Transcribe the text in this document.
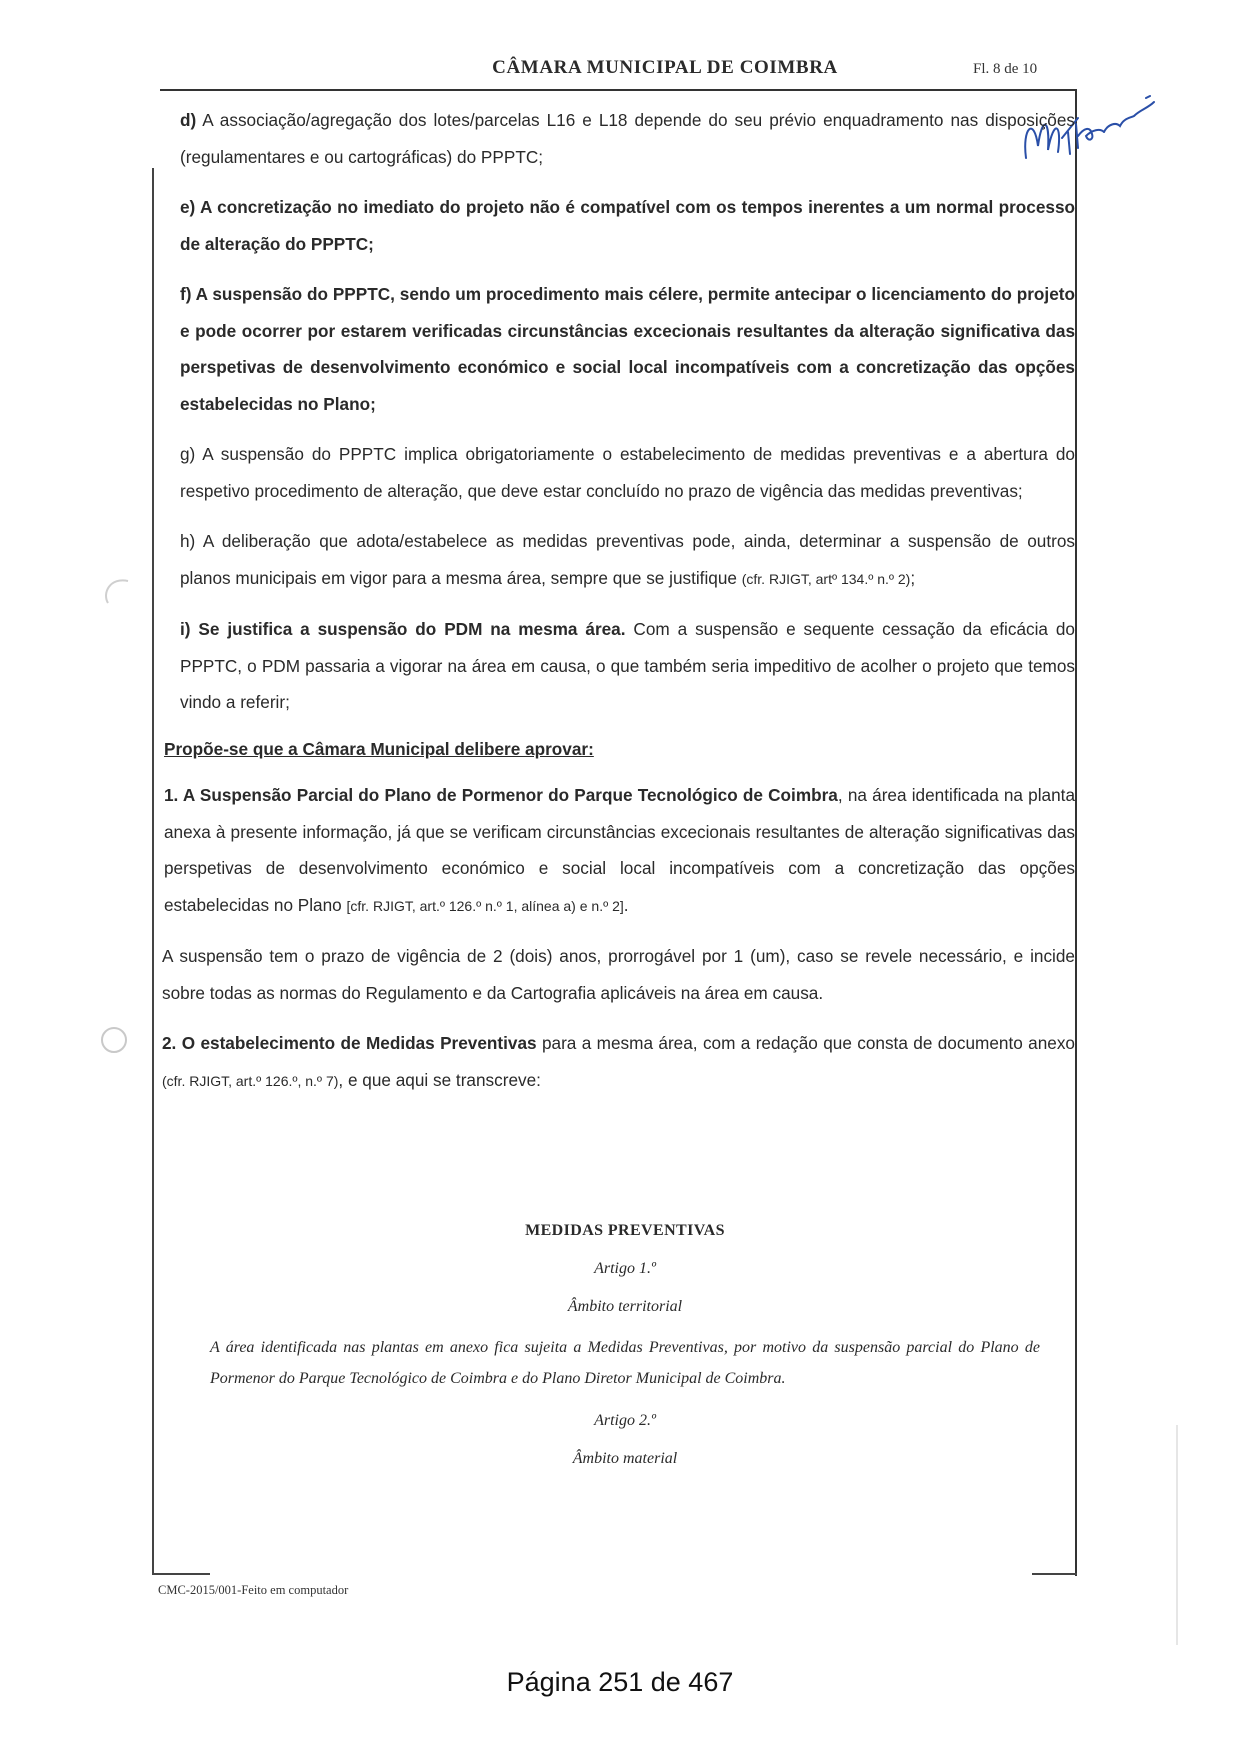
CÂMARA MUNICIPAL DE COIMBRA	Fl. 8 de 10

d) A associação/agregação dos lotes/parcelas L16 e L18 depende do seu prévio enquadramento nas disposições (regulamentares e ou cartográficas) do PPPTC;

e) A concretização no imediato do projeto não é compatível com os tempos inerentes a um normal processo de alteração do PPPTC;

f) A suspensão do PPPTC, sendo um procedimento mais célere, permite antecipar o licenciamento do projeto e pode ocorrer por estarem verificadas circunstâncias excecionais resultantes da alteração significativa das perspetivas de desenvolvimento económico e social local incompatíveis com a concretização das opções estabelecidas no Plano;

g) A suspensão do PPPTC implica obrigatoriamente o estabelecimento de medidas preventivas e a abertura do respetivo procedimento de alteração, que deve estar concluído no prazo de vigência das medidas preventivas;

h) A deliberação que adota/estabelece as medidas preventivas pode, ainda, determinar a suspensão de outros planos municipais em vigor para a mesma área, sempre que se justifique (cfr. RJIGT, artº 134.º n.º 2);

i) Se justifica a suspensão do PDM na mesma área. Com a suspensão e sequente cessação da eficácia do PPPTC, o PDM passaria a vigorar na área em causa, o que também seria impeditivo de acolher o projeto que temos vindo a referir;

Propõe-se que a Câmara Municipal delibere aprovar:

1. A Suspensão Parcial do Plano de Pormenor do Parque Tecnológico de Coimbra, na área identificada na planta anexa à presente informação, já que se verificam circunstâncias excecionais resultantes de alteração significativas das perspetivas de desenvolvimento económico e social local incompatíveis com a concretização das opções estabelecidas no Plano [cfr. RJIGT, art.º 126.º n.º 1, alínea a) e n.º 2].

A suspensão tem o prazo de vigência de 2 (dois) anos, prorrogável por 1 (um), caso se revele necessário, e incide sobre todas as normas do Regulamento e da Cartografia aplicáveis na área em causa.

2. O estabelecimento de Medidas Preventivas para a mesma área, com a redação que consta de documento anexo (cfr. RJIGT, art.º 126.º, n.º 7), e que aqui se transcreve:

MEDIDAS PREVENTIVAS

Artigo 1.º

Âmbito territorial

A área identificada nas plantas em anexo fica sujeita a Medidas Preventivas, por motivo da suspensão parcial do Plano de Pormenor do Parque Tecnológico de Coimbra e do Plano Diretor Municipal de Coimbra.

Artigo 2.º

Âmbito material

CMC-2015/001-Feito em computador
Página 251 de 467
